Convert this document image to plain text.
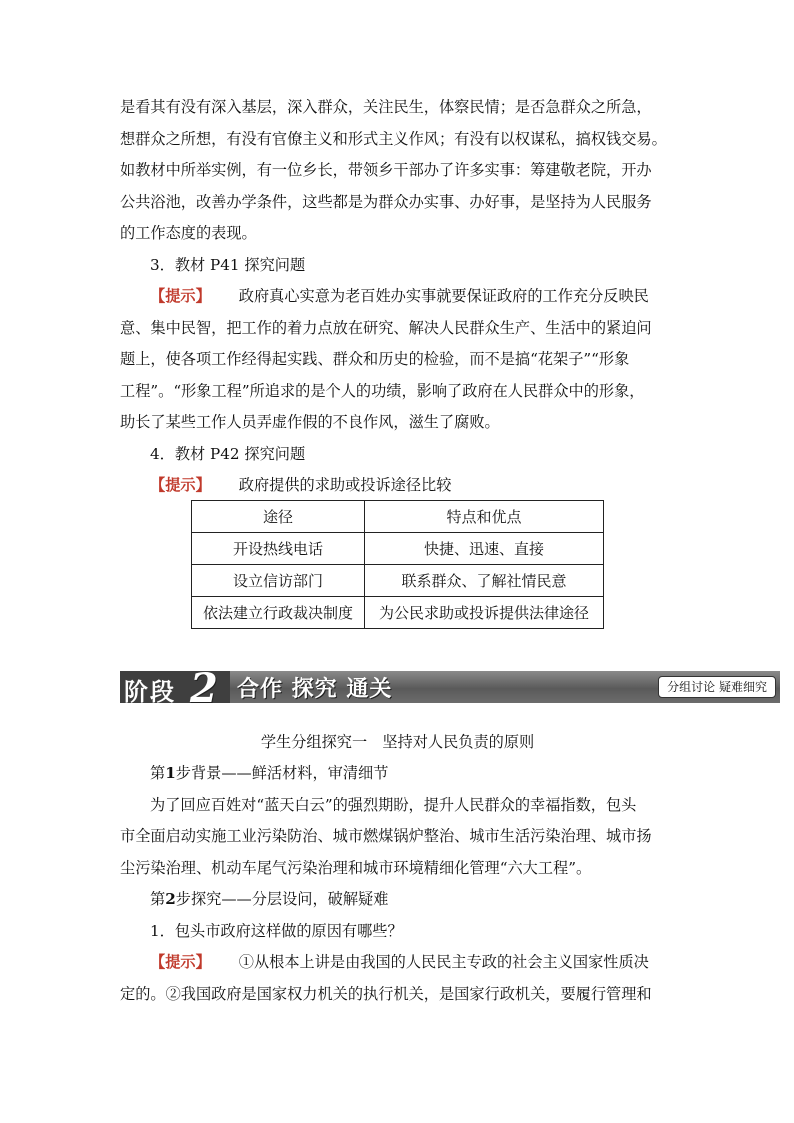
是看其有没有深入基层，深入群众，关注民生，体察民情；是否急群众之所急，

想群众之所想，有没有官僚主义和形式主义作风；有没有以权谋私，搞权钱交易。

如教材中所举实例，有一位乡长，带领乡干部办了许多实事：筹建敬老院，开办

公共浴池，改善办学条件，这些都是为群众办实事、办好事，是坚持为人民服务

的工作态度的表现。

3．教材 P41 探究问题

【提示】 政府真心实意为老百姓办实事就要保证政府的工作充分反映民

意、集中民智，把工作的着力点放在研究、解决人民群众生产、生活中的紧迫问

题上，使各项工作经得起实践、群众和历史的检验，而不是搞“花架子”“形象

工程”。“形象工程”所追求的是个人的功绩，影响了政府在人民群众中的形象，

助长了某些工作人员弄虚作假的不良作风，滋生了腐败。

4．教材 P42 探究问题

【提示】 政府提供的求助或投诉途径比较

途径	特点和优点
开设热线电话	快捷、迅速、直接
设立信访部门	联系群众、了解社情民意
依法建立行政裁决制度	为公民求助或投诉提供法律途径
阶段 2 合作 探究 通关	分组讨论 疑难细究
学生分组探究一　坚持对人民负责的原则

第1步背景——鲜活材料，审清细节

为了回应百姓对“蓝天白云”的强烈期盼，提升人民群众的幸福指数，包头

市全面启动实施工业污染防治、城市燃煤锅炉整治、城市生活污染治理、城市扬

尘污染治理、机动车尾气污染治理和城市环境精细化管理“六大工程”。

第2步探究——分层设问，破解疑难

1．包头市政府这样做的原因有哪些？

【提示】 ①从根本上讲是由我国的人民民主专政的社会主义国家性质决

定的。②我国政府是国家权力机关的执行机关，是国家行政机关，要履行管理和
